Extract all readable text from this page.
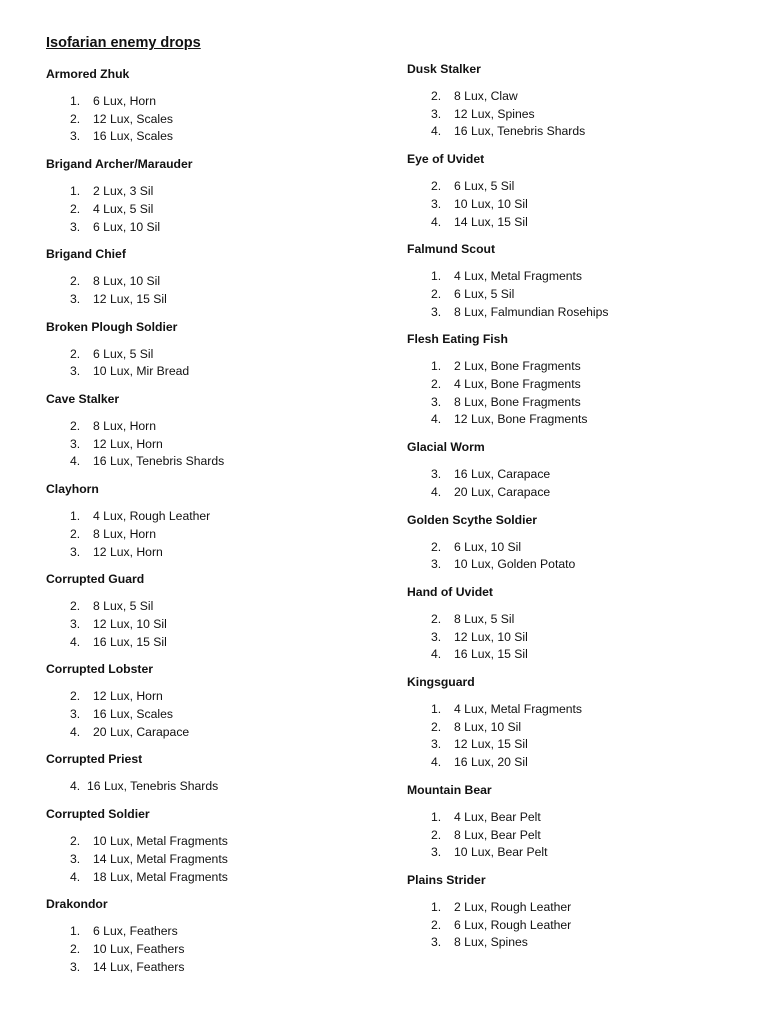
Isofarian enemy drops
Armored Zhuk
1. 6 Lux, Horn
2. 12 Lux, Scales
3. 16 Lux, Scales
Brigand Archer/Marauder
1. 2 Lux, 3 Sil
2. 4 Lux, 5 Sil
3. 6 Lux, 10 Sil
Brigand Chief
2. 8 Lux, 10 Sil
3. 12 Lux, 15 Sil
Broken Plough Soldier
2. 6 Lux, 5 Sil
3. 10 Lux, Mir Bread
Cave Stalker
2. 8 Lux, Horn
3. 12 Lux, Horn
4. 16 Lux, Tenebris Shards
Clayhorn
1. 4 Lux, Rough Leather
2. 8 Lux, Horn
3. 12 Lux, Horn
Corrupted Guard
2. 8 Lux, 5 Sil
3. 12 Lux, 10 Sil
4. 16 Lux, 15 Sil
Corrupted Lobster
2. 12 Lux, Horn
3. 16 Lux, Scales
4. 20 Lux, Carapace
Corrupted Priest
4. 16 Lux, Tenebris Shards
Corrupted Soldier
2. 10 Lux, Metal Fragments
3. 14 Lux, Metal Fragments
4. 18 Lux, Metal Fragments
Drakondor
1. 6 Lux, Feathers
2. 10 Lux, Feathers
3. 14 Lux, Feathers
Dusk Stalker
2. 8 Lux, Claw
3. 12 Lux, Spines
4. 16 Lux, Tenebris Shards
Eye of Uvidet
2. 6 Lux, 5 Sil
3. 10 Lux, 10 Sil
4. 14 Lux, 15 Sil
Falmund Scout
1. 4 Lux, Metal Fragments
2. 6 Lux, 5 Sil
3. 8 Lux, Falmundian Rosehips
Flesh Eating Fish
1. 2 Lux, Bone Fragments
2. 4 Lux, Bone Fragments
3. 8 Lux, Bone Fragments
4. 12 Lux, Bone Fragments
Glacial Worm
3. 16 Lux, Carapace
4. 20 Lux, Carapace
Golden Scythe Soldier
2. 6 Lux, 10 Sil
3. 10 Lux, Golden Potato
Hand of Uvidet
2. 8 Lux, 5 Sil
3. 12 Lux, 10 Sil
4. 16 Lux, 15 Sil
Kingsguard
1. 4 Lux, Metal Fragments
2. 8 Lux, 10 Sil
3. 12 Lux, 15 Sil
4. 16 Lux, 20 Sil
Mountain Bear
1. 4 Lux, Bear Pelt
2. 8 Lux, Bear Pelt
3. 10 Lux, Bear Pelt
Plains Strider
1. 2 Lux, Rough Leather
2. 6 Lux, Rough Leather
3. 8 Lux, Spines
